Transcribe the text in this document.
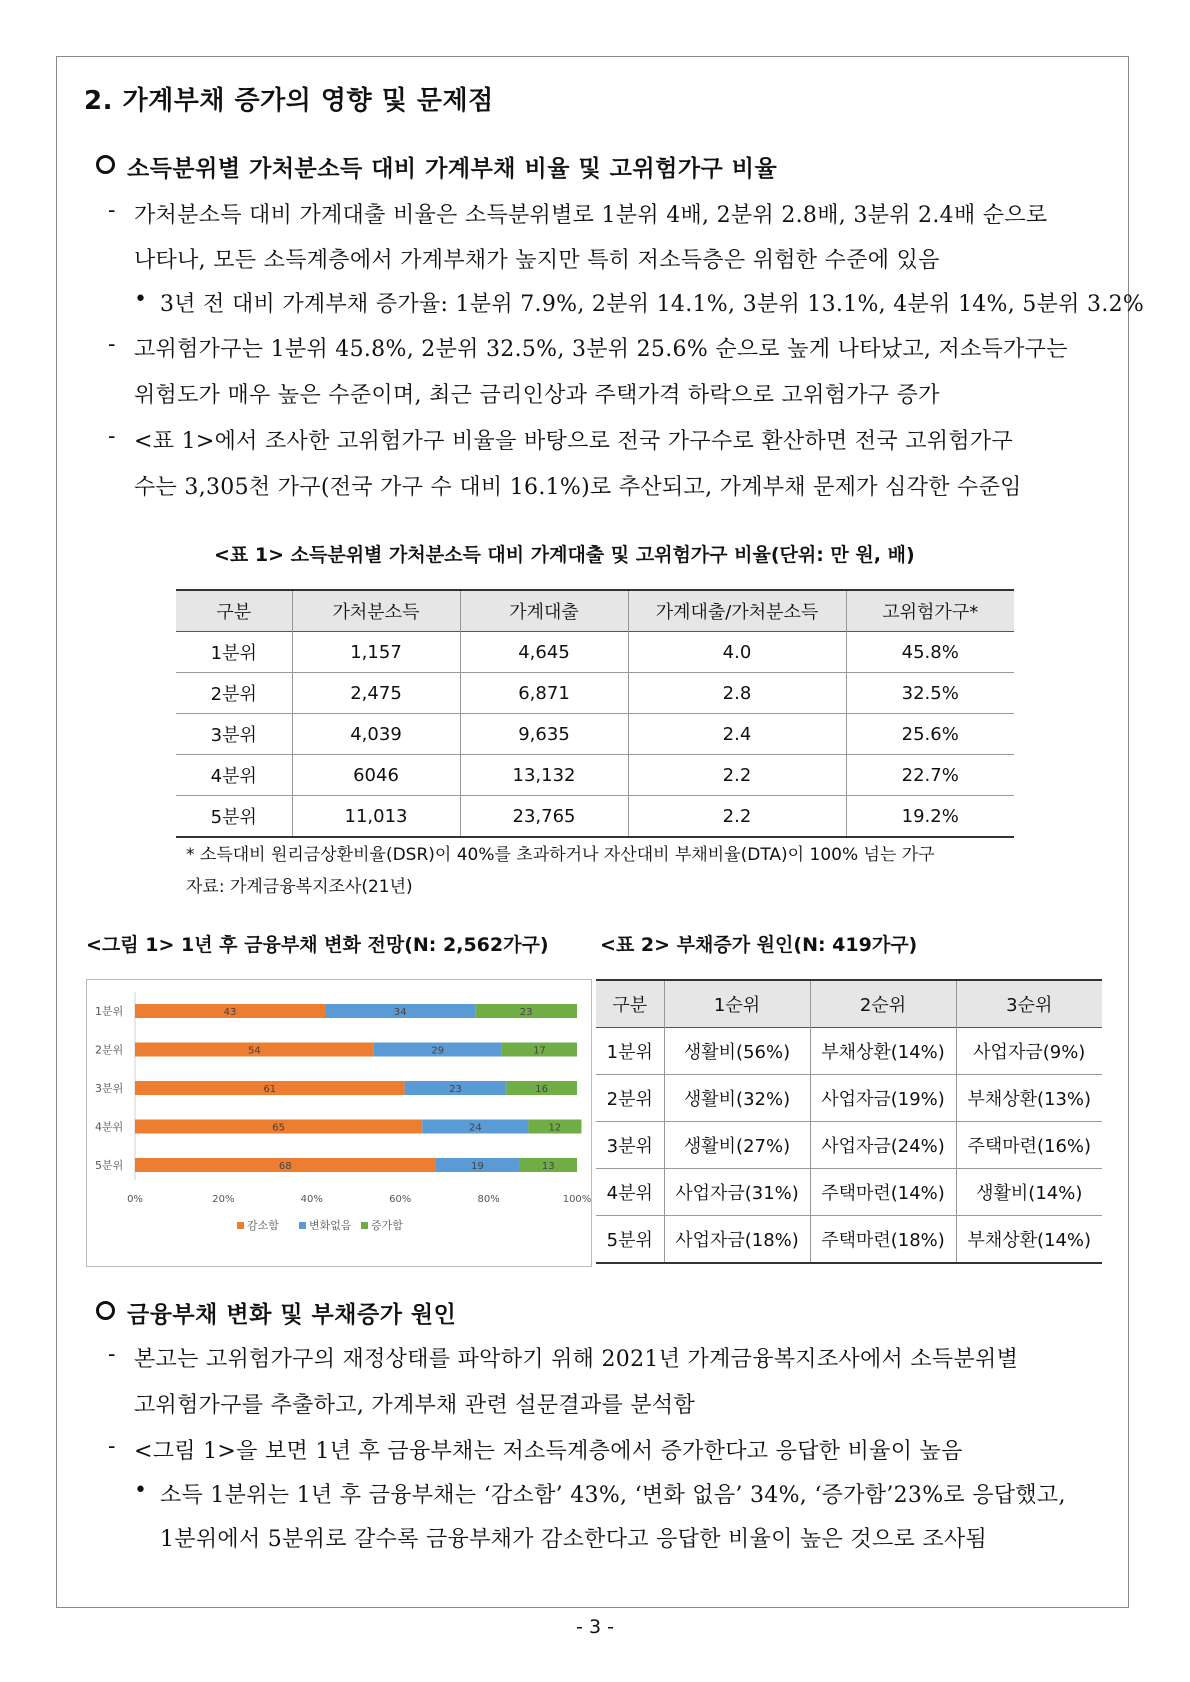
2. 가계부채 증가의 영향 및 문제점
소득분위별 가처분소득 대비 가계부채 비율 및 고위험가구 비율
- 가처분소득 대비 가계대출 비율은 소득분위별로 1분위 4배, 2분위 2.8배, 3분위 2.4배 순으로
나타나, 모든 소득계층에서 가계부채가 높지만 특히 저소득층은 위험한 수준에 있음
• 3년 전 대비 가계부채 증가율: 1분위 7.9%, 2분위 14.1%, 3분위 13.1%, 4분위 14%, 5분위 3.2%
- 고위험가구는 1분위 45.8%, 2분위 32.5%, 3분위 25.6% 순으로 높게 나타났고, 저소득가구는
위험도가 매우 높은 수준이며, 최근 금리인상과 주택가격 하락으로 고위험가구 증가
- <표 1>에서 조사한 고위험가구 비율을 바탕으로 전국 가구수로 환산하면 전국 고위험가구
수는 3,305천 가구(전국 가구 수 대비 16.1%)로 추산되고, 가계부채 문제가 심각한 수준임
<표 1> 소득분위별 가처분소득 대비 가계대출 및 고위험가구 비율(단위: 만 원, 배)
구분	가처분소득	가계대출	가계대출/가처분소득	고위험가구*
1분위	1,157	4,645	4.0	45.8%
2분위	2,475	6,871	2.8	32.5%
3분위	4,039	9,635	2.4	25.6%
4분위	6046	13,132	2.2	22.7%
5분위	11,013	23,765	2.2	19.2%
* 소득대비 원리금상환비율(DSR)이 40%를 초과하거나 자산대비 부채비율(DTA)이 100% 넘는 가구
자료: 가계금융복지조사(21년)
<그림 1> 1년 후 금융부채 변화 전망(N: 2,562가구)	<표 2> 부채증가 원인(N: 419가구)
1분위	43	34	23
2분위	54	29	17
3분위	61	23	16
4분위	65	24	12
5분위	68	19	13
0%	20%	40%	60%	80%	100%
감소함	변화없음 증가함
구분	1순위	2순위	3순위
1분위	생활비(56%)	부채상환(14%)	사업자금(9%)
2분위	생활비(32%)	사업자금(19%)	부채상환(13%)
3분위	생활비(27%)	사업자금(24%)	주택마련(16%)
4분위	사업자금(31%)	주택마련(14%)	생활비(14%)
5분위	사업자금(18%)	주택마련(18%)	부채상환(14%)
금융부채 변화 및 부채증가 원인
- 본고는 고위험가구의 재정상태를 파악하기 위해 2021년 가계금융복지조사에서 소득분위별
고위험가구를 추출하고, 가계부채 관련 설문결과를 분석함
- <그림 1>을 보면 1년 후 금융부채는 저소득계층에서 증가한다고 응답한 비율이 높음
• 소득 1분위는 1년 후 금융부채는 ‘감소함’ 43%, ‘변화 없음’ 34%, ‘증가함’23%로 응답했고,
1분위에서 5분위로 갈수록 금융부채가 감소한다고 응답한 비율이 높은 것으로 조사됨
- 3 -
